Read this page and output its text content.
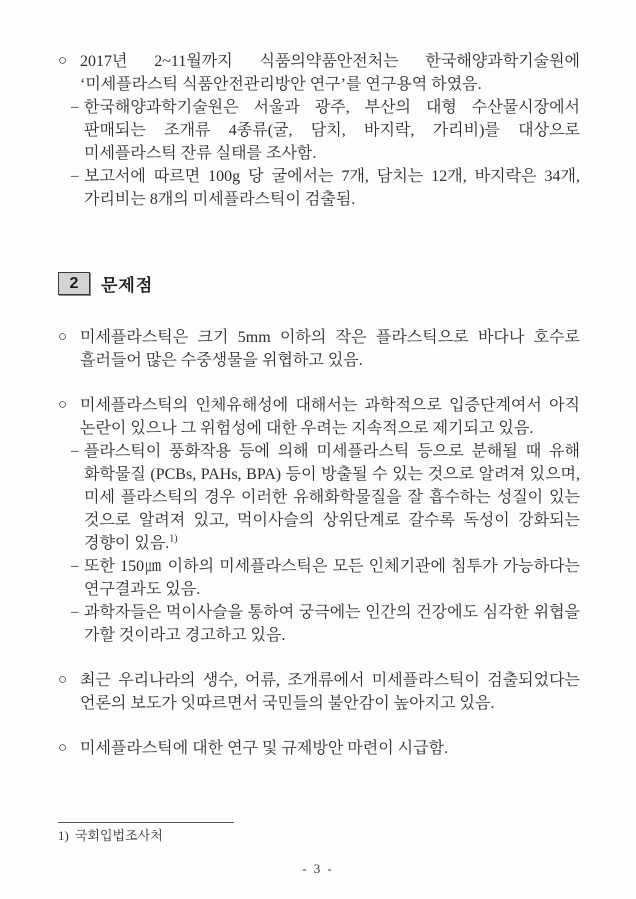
○ 2017년 2~11월까지 식품의약품안전처는 한국해양과학기술원에 ‘미세플라스틱 식품안전관리방안 연구’를 연구용역 하였음.
– 한국해양과학기술원은 서울과 광주, 부산의 대형 수산물시장에서 판매되는 조개류 4종류(굴, 담치, 바지락, 가리비)를 대상으로 미세플라스틱 잔류 실태를 조사함.
– 보고서에 따르면 100g 당 굴에서는 7개, 담치는 12개, 바지락은 34개, 가리비는 8개의 미세플라스틱이 검출됨.
2	문제점
○ 미세플라스틱은 크기 5mm 이하의 작은 플라스틱으로 바다나 호수로 흘러들어 많은 수중생물을 위협하고 있음.
○ 미세플라스틱의 인체유해성에 대해서는 과학적으로 입증단계여서 아직 논란이 있으나 그 위험성에 대한 우려는 지속적으로 제기되고 있음.
– 플라스틱이 풍화작용 등에 의해 미세플라스틱 등으로 분해될 때 유해 화학물질 (PCBs, PAHs, BPA) 등이 방출될 수 있는 것으로 알려져 있으며, 미세 플라스틱의 경우 이러한 유해화학물질을 잘 흡수하는 성질이 있는 것으로 알려져 있고, 먹이사슬의 상위단계로 갈수록 독성이 강화되는 경향이 있음.$^{1)}$
– 또한 150㎛ 이하의 미세플라스틱은 모든 인체기관에 침투가 가능하다는 연구결과도 있음.
– 과학자들은 먹이사슬을 통하여 궁극에는 인간의 건강에도 심각한 위협을 가할 것이라고 경고하고 있음.
○ 최근 우리나라의 생수, 어류, 조개류에서 미세플라스틱이 검출되었다는 언론의 보도가 잇따르면서 국민들의 불안감이 높아지고 있음.
○ 미세플라스틱에 대한 연구 및 규제방안 마련이 시급함.
1) 국회입법조사처
- 3 -
